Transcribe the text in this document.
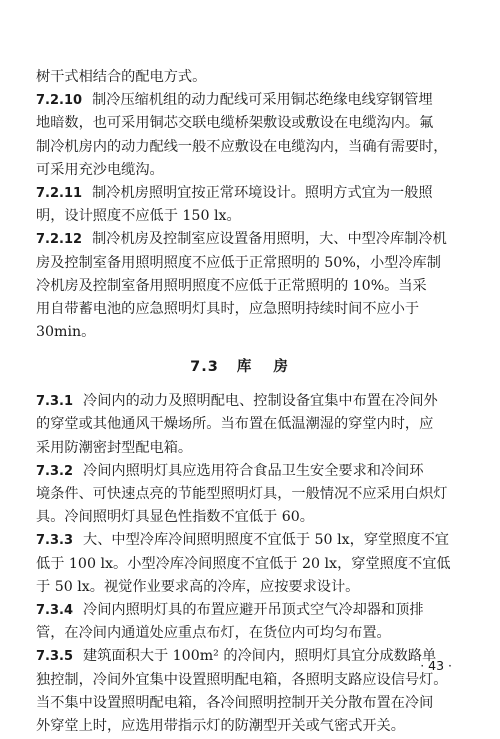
树干式相结合的配电方式。
7.2.10 制冷压缩机组的动力配线可采用铜芯绝缘电线穿钢管埋
地暗数，也可采用铜芯交联电缆桥架敷设或敷设在电缆沟内。氟
制冷机房内的动力配线一般不应敷设在电缆沟内，当确有需要时，
可采用充沙电缆沟。
7.2.11 制冷机房照明宜按正常环境设计。照明方式宜为一般照
明，设计照度不应低于 150 lx。
7.2.12 制冷机房及控制室应设置备用照明，大、中型冷库制冷机
房及控制室备用照明照度不应低于正常照明的 50%，小型冷库制
冷机房及控制室备用照明照度不应低于正常照明的 10%。当采
用自带蓄电池的应急照明灯具时，应急照明持续时间不应小于
30min。
7.3 库房
7.3.1 冷间内的动力及照明配电、控制设备宜集中布置在冷间外
的穿堂或其他通风干燥场所。当布置在低温潮湿的穿堂内时，应
采用防潮密封型配电箱。
7.3.2 冷间内照明灯具应选用符合食品卫生安全要求和冷间环
境条件、可快速点亮的节能型照明灯具，一般情况不应采用白炽灯
具。冷间照明灯具显色性指数不宜低于 60。
7.3.3 大、中型冷库冷间照明照度不宜低于 50 lx，穿堂照度不宜
低于 100 lx。小型冷库冷间照度不宜低于 20 lx，穿堂照度不宜低
于 50 lx。视觉作业要求高的冷库，应按要求设计。
7.3.4 冷间内照明灯具的布置应避开吊顶式空气冷却器和顶排
管，在冷间内通道处应重点布灯，在货位内可均匀布置。
7.3.5 建筑面积大于 100m² 的冷间内，照明灯具宜分成数路单
独控制，冷间外宜集中设置照明配电箱，各照明支路应设信号灯。
当不集中设置照明配电箱，各冷间照明控制开关分散布置在冷间
外穿堂上时，应选用带指示灯的防潮型开关或气密式开关。
· 43 ·
